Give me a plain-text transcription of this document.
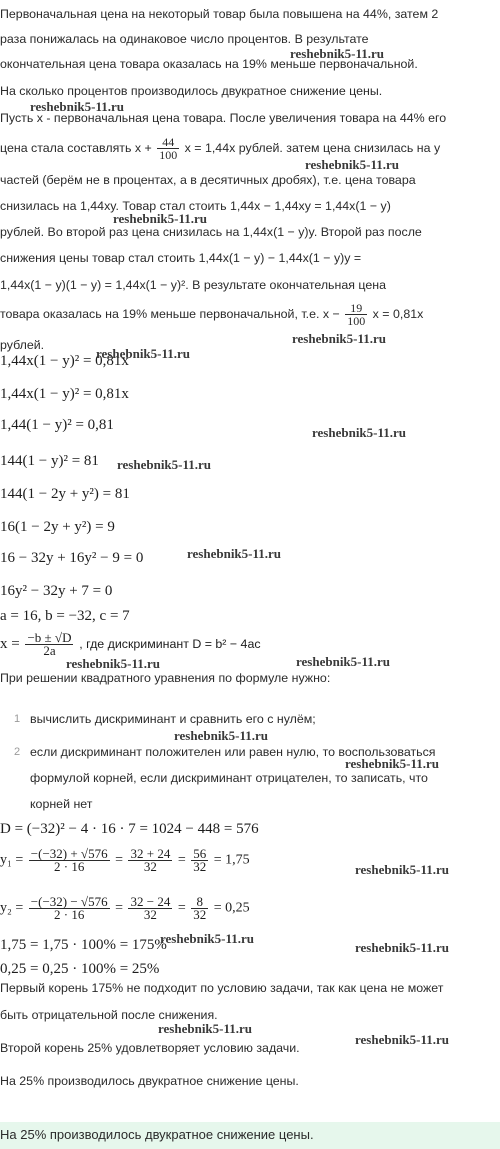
Первоначальная цена на некоторый товар была повышена на 44%, затем 2
раза понижалась на одинаковое число процентов. В результате
окончательная цена товара оказалась на 19% меньше первоначальной.
На сколько процентов производилось двукратное снижение цены.
Пусть x - первоначальная цена товара. После увеличения товара на 44% его
цена стала составлять $x + \frac{44}{100}$ x = 1,44x рублей. затем цена снизилась на y
частей (берём не в процентах, а в десятичных дробях), т.е. цена товара
снизилась на 1,44xy. Товар стал стоить 1,44x − 1,44xy = 1,44x(1 − y)
рублей. Во второй раз цена снизилась на 1,44x(1 − y)y. Второй раз после
снижения цены товар стал стоить 1,44x(1 − y) − 1,44x(1 − y)y =
1,44x(1 − y)(1 − y) = 1,44x(1 − y)². В результате окончательная цена
товара оказалась на 19% меньше первоначальной, т.е. $x - \frac{19}{100}$ x = 0,81x
рублей.
1,44x(1 − y)² = 0,81x
1,44x(1 − y)² = 0,81x
1,44(1 − y)² = 0,81
144(1 − y)² = 81
144(1 − 2y + y²) = 81
16(1 − 2y + y²) = 9
16 − 32y + 16y² − 9 = 0
16y² − 32y + 7 = 0
a = 16, b = −32, c = 7
$x = \frac{-b \pm √D}{2a}$ , где дискриминант D = b² − 4ac
При решении квадратного уравнения по формуле нужно:
1 вычислить дискриминант и сравнить его с нулём;
2 если дискриминант положителен или равен нулю, то воспользоваться
формулой корней, если дискриминант отрицателен, то записать, что
корней нет
D = (−32)² − 4 · 16 · 7 = 1024 − 448 = 576
$y_1 = \frac{-(-32) + √576}{2 \cdot 16} = \frac{32 + 24}{32} = \frac{56}{32} = 1,75$
$y_2 = \frac{-(-32) - √576}{2 \cdot 16} = \frac{32 - 24}{32} = \frac{8}{32} = 0,25$
1,75 = 1,75 · 100% = 175%
0,25 = 0,25 · 100% = 25%
Первый корень 175% не подходит по условию задачи, так как цена не может
быть отрицательной после снижения.
Второй корень 25% удовлетворяет условию задачи.
На 25% производилось двукратное снижение цены.
На 25% производилось двукратное снижение цены.
reshebnik5-11.ru
reshebnik5-11.ru
reshebnik5-11.ru
reshebnik5-11.ru
reshebnik5-11.ru
reshebnik5-11.ru
reshebnik5-11.ru
reshebnik5-11.ru
reshebnik5-11.ru
reshebnik5-11.ru	reshebnik5-11.ru
reshebnik5-11.ru
reshebnik5-11.ru
reshebnik5-11.ru
reshebnik5-11.ru
reshebnik5-11.ru
reshebnik5-11.ru
reshebnik5-11.ru
